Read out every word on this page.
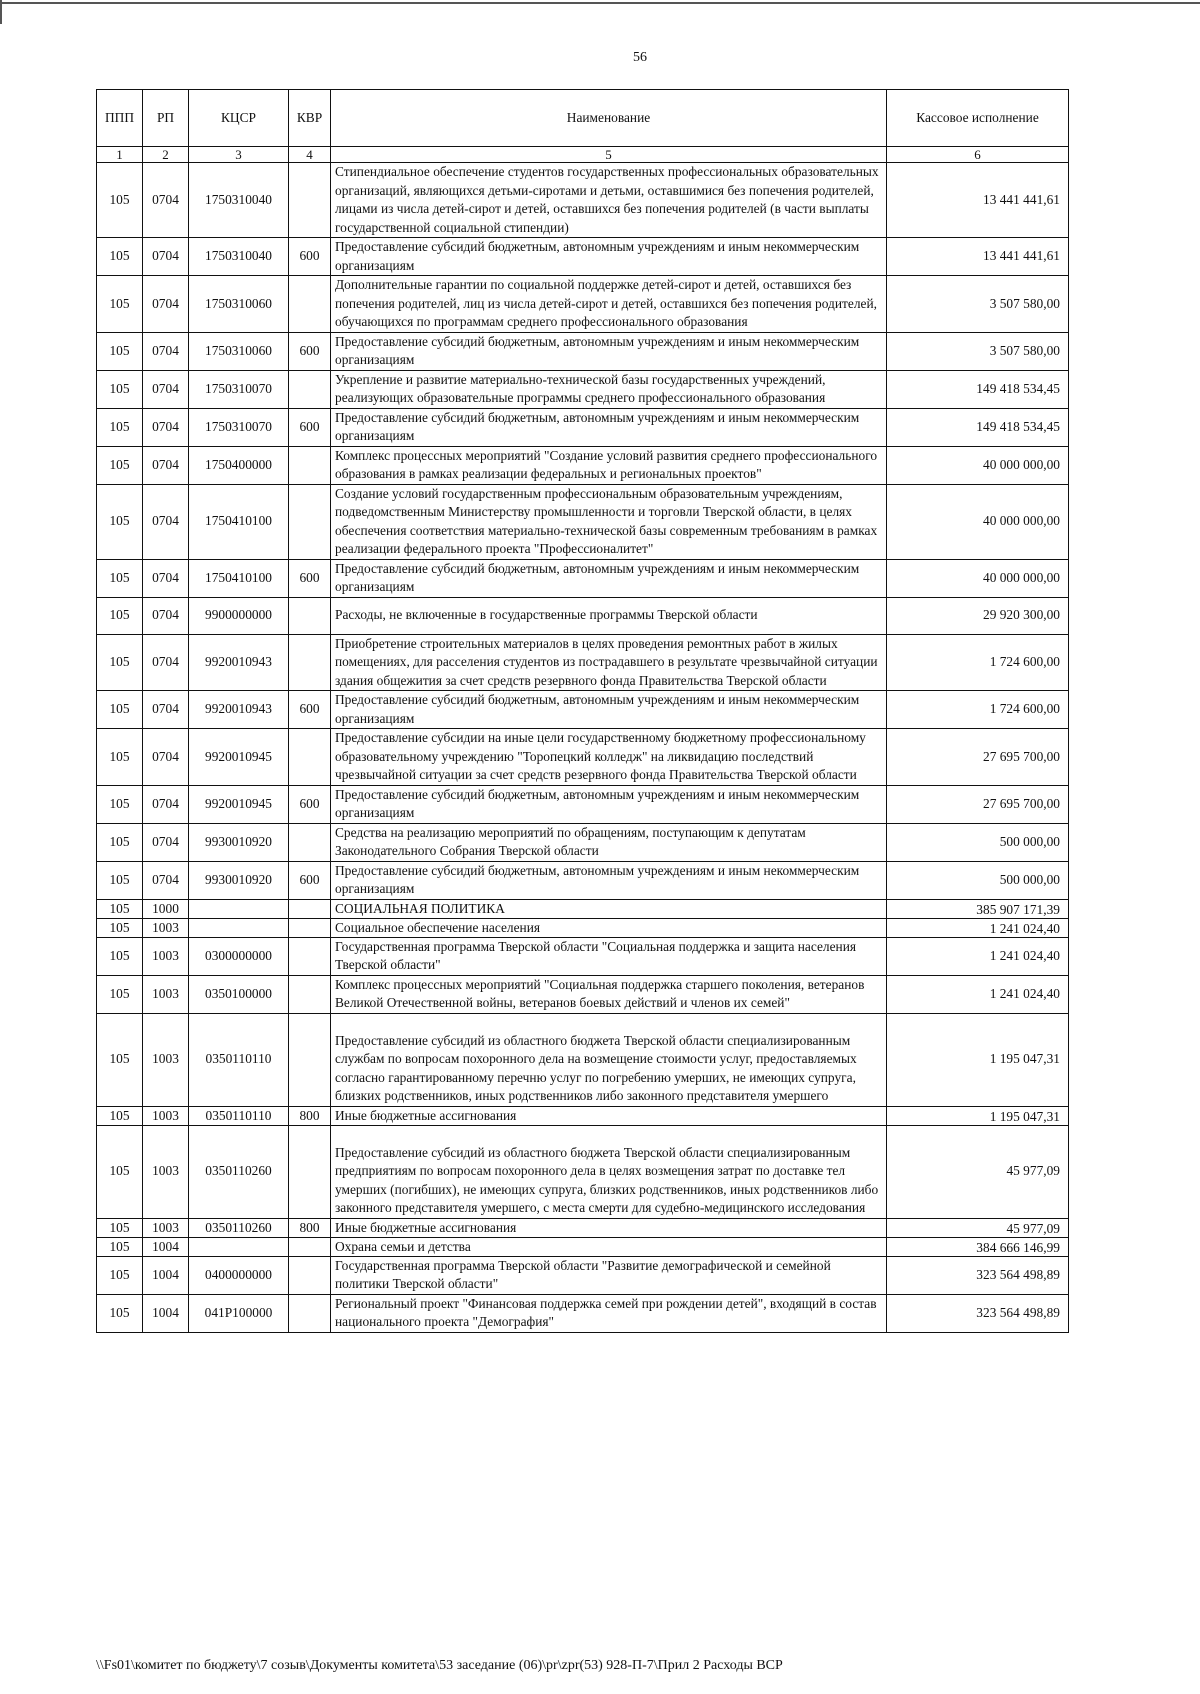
56
ППП	РП	КЦСР	КВР	Наименование	Кассовое исполнение
1	2	3	4	5	6
105	0704	1750310040		Стипендиальное обеспечение студентов государственных профессиональных образовательных организаций, являющихся детьми-сиротами и детьми, оставшимися без попечения родителей, лицами из числа детей-сирот и детей, оставшихся без попечения родителей (в части выплаты государственной социальной стипендии)	13 441 441,61
105	0704	1750310040	600	Предоставление субсидий бюджетным, автономным учреждениям и иным некоммерческим организациям	13 441 441,61
105	0704	1750310060		Дополнительные гарантии по социальной поддержке детей-сирот и детей, оставшихся без попечения родителей, лиц из числа детей-сирот и детей, оставшихся без попечения родителей, обучающихся по программам среднего профессионального образования	3 507 580,00
105	0704	1750310060	600	Предоставление субсидий бюджетным, автономным учреждениям и иным некоммерческим организациям	3 507 580,00
105	0704	1750310070		Укрепление и развитие материально-технической базы государственных учреждений, реализующих образовательные программы среднего профессионального образования	149 418 534,45
105	0704	1750310070	600	Предоставление субсидий бюджетным, автономным учреждениям и иным некоммерческим организациям	149 418 534,45
105	0704	1750400000		Комплекс процессных мероприятий "Создание условий развития среднего профессионального образования в рамках реализации федеральных и региональных проектов"	40 000 000,00
105	0704	1750410100		Создание условий государственным профессиональным образовательным учреждениям, подведомственным Министерству промышленности и торговли Тверской области, в целях обеспечения соответствия материально-технической базы современным требованиям в рамках реализации федерального проекта "Профессионалитет"	40 000 000,00
105	0704	1750410100	600	Предоставление субсидий бюджетным, автономным учреждениям и иным некоммерческим организациям	40 000 000,00
105	0704	9900000000		Расходы, не включенные в государственные программы Тверской области	29 920 300,00
105	0704	9920010943		Приобретение строительных материалов в целях проведения ремонтных работ в жилых помещениях, для расселения студентов из пострадавшего в результате чрезвычайной ситуации здания общежития за счет средств резервного фонда Правительства Тверской области	1 724 600,00
105	0704	9920010943	600	Предоставление субсидий бюджетным, автономным учреждениям и иным некоммерческим организациям	1 724 600,00
105	0704	9920010945		Предоставление субсидии на иные цели государственному бюджетному профессиональному образовательному учреждению "Торопецкий колледж" на ликвидацию последствий чрезвычайной ситуации за счет средств резервного фонда Правительства Тверской области	27 695 700,00
105	0704	9920010945	600	Предоставление субсидий бюджетным, автономным учреждениям и иным некоммерческим организациям	27 695 700,00
105	0704	9930010920		Средства на реализацию мероприятий по обращениям, поступающим к депутатам Законодательного Собрания Тверской области	500 000,00
105	0704	9930010920	600	Предоставление субсидий бюджетным, автономным учреждениям и иным некоммерческим организациям	500 000,00
105	1000			СОЦИАЛЬНАЯ ПОЛИТИКА	385 907 171,39
105	1003			Социальное обеспечение населения	1 241 024,40
105	1003	0300000000		Государственная программа Тверской области "Социальная поддержка и защита населения Тверской области"	1 241 024,40
105	1003	0350100000		Комплекс процессных мероприятий "Социальная поддержка старшего поколения, ветеранов Великой Отечественной войны, ветеранов боевых действий и членов их семей"	1 241 024,40
105	1003	0350110110		Предоставление субсидий из областного бюджета Тверской области специализированным службам по вопросам похоронного дела на возмещение стоимости услуг, предоставляемых согласно гарантированному перечню услуг по погребению умерших, не имеющих супруга, близких родственников, иных родственников либо законного представителя умершего	1 195 047,31
105	1003	0350110110	800	Иные бюджетные ассигнования	1 195 047,31
105	1003	0350110260		Предоставление субсидий из областного бюджета Тверской области специализированным предприятиям по вопросам похоронного дела в целях возмещения затрат по доставке тел умерших (погибших), не имеющих супруга, близких родственников, иных родственников либо законного представителя умершего, с места смерти для судебно-медицинского исследования	45 977,09
105	1003	0350110260	800	Иные бюджетные ассигнования	45 977,09
105	1004			Охрана семьи и детства	384 666 146,99
105	1004	0400000000		Государственная программа Тверской области "Развитие демографической и семейной политики Тверской области"	323 564 498,89
105	1004	041P100000		Региональный проект "Финансовая поддержка семей при рождении детей", входящий в состав национального проекта "Демография"	323 564 498,89
\\Fs01\комитет по бюджету\7 созыв\Документы комитета\53 заседание (06)\pr\zpr(53) 928-П-7\Прил 2 Расходы ВСР
